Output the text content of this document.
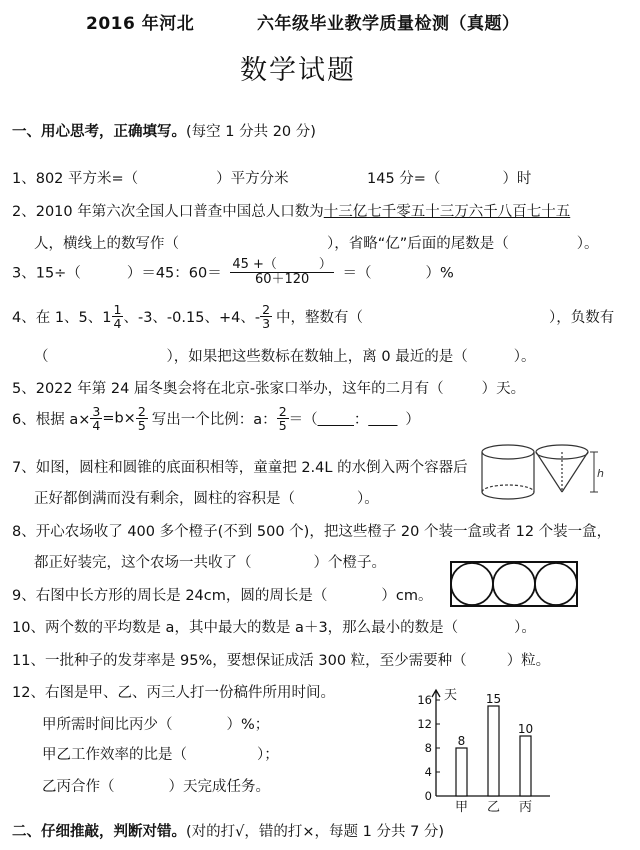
2016 年河北	六年级毕业教学质量检测（真题）
数学试题
一、用心思考，正确填写。(每空 1 分共 20 分)
1、802 平方米=（	）平方分米	145 分=（	）时
2、2010 年第六次全国人口普查中国总人口数为十三亿七千零五十三万六千八百七十五
人，横线上的数写作（	），省略“亿”后面的尾数是（	）。
3、15÷（	）＝45：60＝ 45 +（	）
60＋120 ＝（	）%
4、在 1、5、$1 \frac{1}{4}$ 、-3、-0.15、+4、- $\frac{2}{3}$ 中，整数有（	），负数有
（	），如果把这些数标在数轴上，离 0 最近的是（	）。
5、2022 年第 24 届冬奥会将在北京-张家口举办，这年的二月有（	）天。
6、根据 $a\times \frac{3}{4} =b\times \frac{2}{5}$ 写出一个比例：a： $\frac{2}{5}$ ＝（_____：____ ）
7、如图，圆柱和圆锥的底面积相等，童童把 2.4L 的水倒入两个容器后
正好都倒满而没有剩余，圆柱的容积是（	）。
h
8、开心农场收了 400 多个橙子(不到 500 个)，把这些橙子 20 个装一盒或者 12 个装一盒，
都正好装完，这个农场一共收了（	）个橙子。
9、右图中长方形的周长是 24cm，圆的周长是（	）cm。
10、两个数的平均数是 a，其中最大的数是 a＋3，那么最小的数是（	）。
11、一批种子的发芽率是 95%，要想保证成活 300 粒，至少需要种（	）粒。
12、右图是甲、乙、丙三人打一份稿件所用时间。
甲所需时间比丙少（	）%；
甲乙工作效率的比是（	）；
乙丙合作（	）天完成任务。
0
4
8
12
16 天
8
甲
15
乙
10
丙
二、仔细推敲，判断对错。(对的打√，错的打×，每题 1 分共 7 分)
